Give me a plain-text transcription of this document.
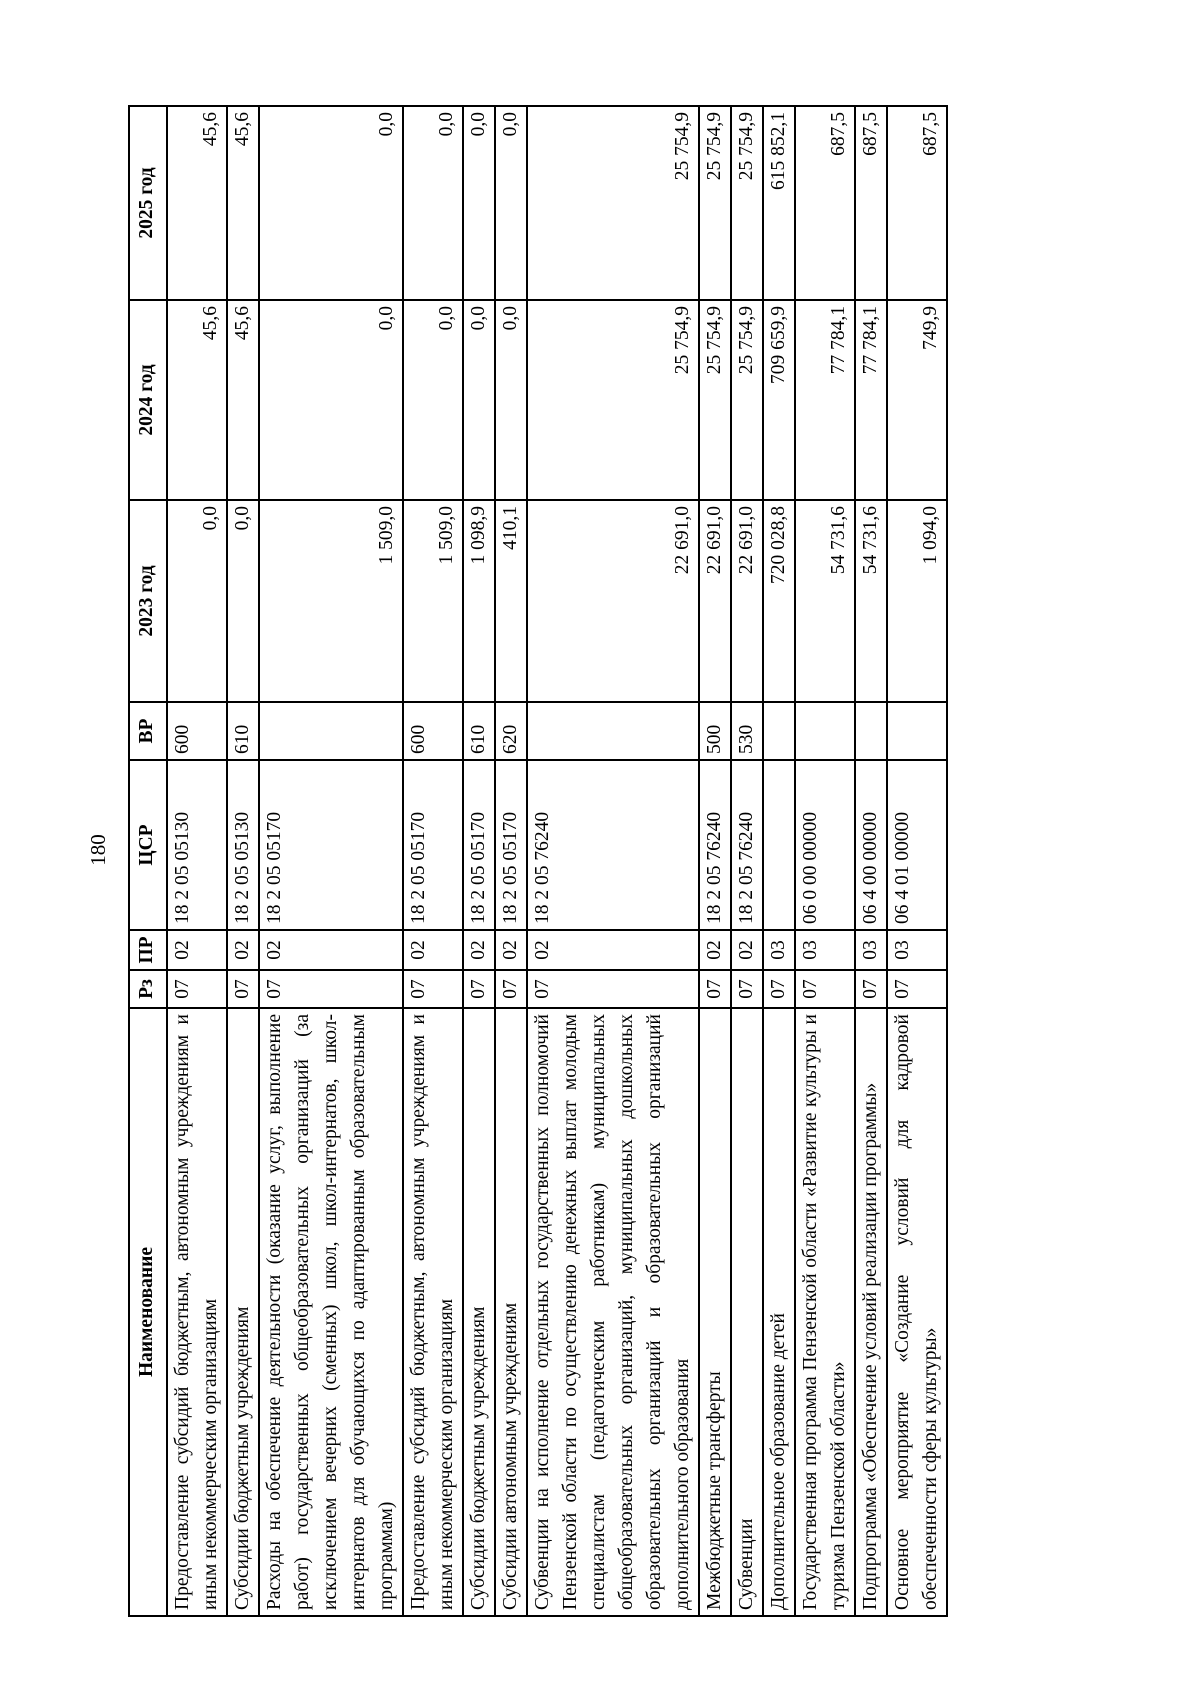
180
Наименование	Рз	ПР	ЦСР	ВР	2023 год	2024 год	2025 год
Предоставление субсидий бюджетным, автономным учреждениям и иным некоммерческим организациям	07	02	18 2 05 05130	600	0,0	45,6	45,6
Субсидии бюджетным учреждениям	07	02	18 2 05 05130	610	0,0	45,6	45,6
Расходы на обеспечение деятельности (оказание услуг, выполнение работ) государственных общеобразовательных организаций (за исключением вечерних (сменных) школ, школ-интернатов, школ-интернатов для обучающихся по адаптированным образовательным программам)	07	02	18 2 05 05170		1 509,0	0,0	0,0
Предоставление субсидий бюджетным, автономным учреждениям и иным некоммерческим организациям	07	02	18 2 05 05170	600	1 509,0	0,0	0,0
Субсидии бюджетным учреждениям	07	02	18 2 05 05170	610	1 098,9	0,0	0,0
Субсидии автономным учреждениям	07	02	18 2 05 05170	620	410,1	0,0	0,0
Субвенции на исполнение отдельных государственных полномочий Пензенской области по осуществлению денежных выплат молодым специалистам (педагогическим работникам) муниципальных общеобразовательных организаций, муниципальных дошкольных образовательных организаций и образовательных организаций дополнительного образования	07	02	18 2 05 76240		22 691,0	25 754,9	25 754,9
Межбюджетные трансферты	07	02	18 2 05 76240	500	22 691,0	25 754,9	25 754,9
Субвенции	07	02	18 2 05 76240	530	22 691,0	25 754,9	25 754,9
Дополнительное образование детей	07	03			720 028,8	709 659,9	615 852,1
Государственная программа Пензенской области «Развитие культуры и туризма Пензенской области»	07	03	06 0 00 00000		54 731,6	77 784,1	687,5
Подпрограмма «Обеспечение условий реализации программы»	07	03	06 4 00 00000		54 731,6	77 784,1	687,5
Основное мероприятие «Создание условий для кадровой обеспеченности сферы культуры»	07	03	06 4 01 00000		1 094,0	749,9	687,5
